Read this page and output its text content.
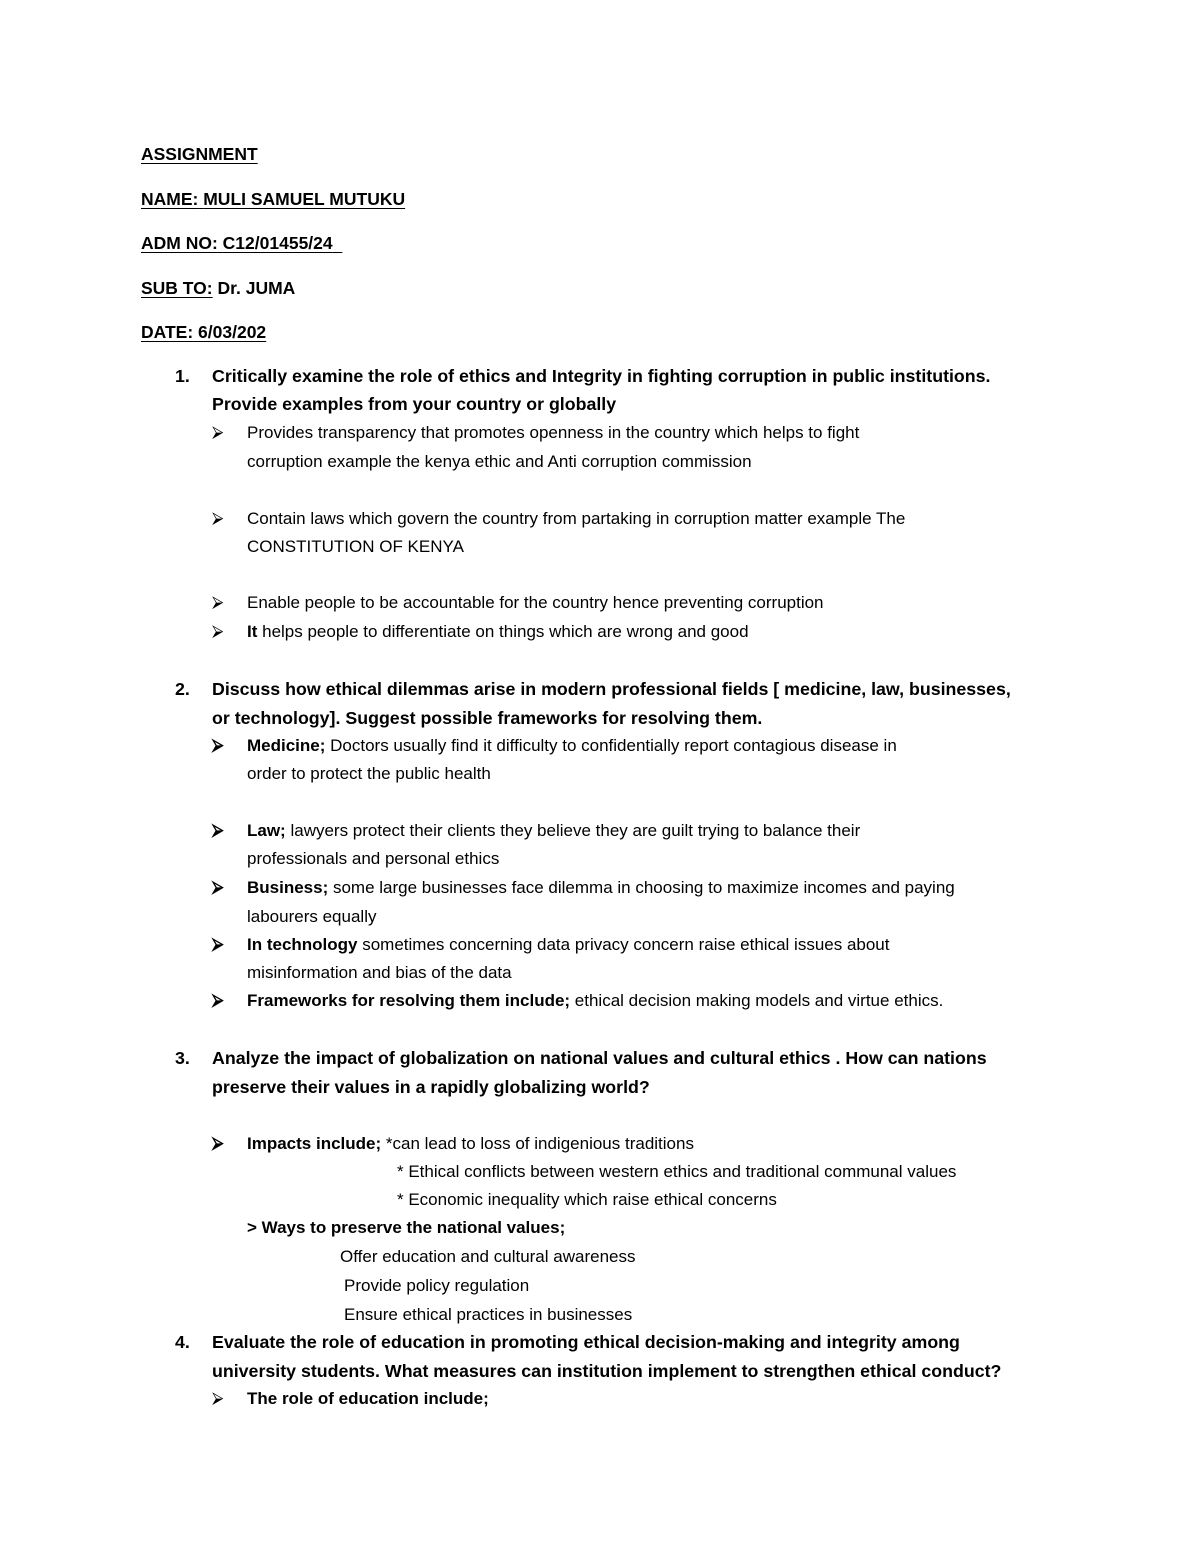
ASSIGNMENT
NAME: MULI SAMUEL MUTUKU
ADM NO: C12/01455/24
SUB TO: Dr. JUMA
DATE: 6/03/202
1. Critically examine the role of ethics and Integrity in fighting corruption in public institutions.
Provide examples from your country or globally
⮚ Provides transparency that promotes openness in the country which helps to fight
corruption example the kenya ethic and Anti corruption commission
⮚ Contain laws which govern the country from partaking in corruption matter example The
CONSTITUTION OF KENYA
⮚ Enable people to be accountable for the country hence preventing corruption
⮚ It helps people to differentiate on things which are wrong and good
2. Discuss how ethical dilemmas arise in modern professional fields [ medicine, law, businesses,
or technology]. Suggest possible frameworks for resolving them.
⮚ Medicine; Doctors usually find it difficulty to confidentially report contagious disease in
order to protect the public health
⮚ Law; lawyers protect their clients they believe they are guilt trying to balance their
professionals and personal ethics
⮚ Business; some large businesses face dilemma in choosing to maximize incomes and paying
labourers equally
⮚ In technology sometimes concerning data privacy concern raise ethical issues about
misinformation and bias of the data
⮚ Frameworks for resolving them include; ethical decision making models and virtue ethics.
3. Analyze the impact of globalization on national values and cultural ethics . How can nations
preserve their values in a rapidly globalizing world?
⮚ Impacts include; *can lead to loss of indigenious traditions
* Ethical conflicts between western ethics and traditional communal values
* Economic inequality which raise ethical concerns
> Ways to preserve the national values;
Offer education and cultural awareness
Provide policy regulation
Ensure ethical practices in businesses
4. Evaluate the role of education in promoting ethical decision-making and integrity among
university students. What measures can institution implement to strengthen ethical conduct?
⮚ The role of education include;
